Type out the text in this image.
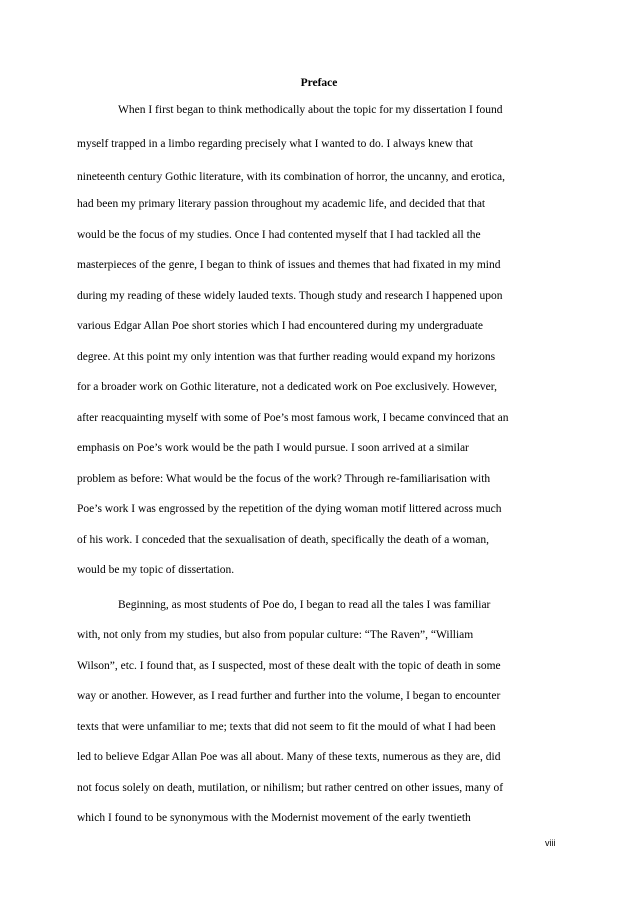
Preface
When I first began to think methodically about the topic for my dissertation I found
myself trapped in a limbo regarding precisely what I wanted to do. I always knew that
nineteenth century Gothic literature, with its combination of horror, the uncanny, and erotica,
had been my primary literary passion throughout my academic life, and decided that that
would be the focus of my studies. Once I had contented myself that I had tackled all the
masterpieces of the genre, I began to think of issues and themes that had fixated in my mind
during my reading of these widely lauded texts. Though study and research I happened upon
various Edgar Allan Poe short stories which I had encountered during my undergraduate
degree. At this point my only intention was that further reading would expand my horizons
for a broader work on Gothic literature, not a dedicated work on Poe exclusively. However,
after reacquainting myself with some of Poe’s most famous work, I became convinced that an
emphasis on Poe’s work would be the path I would pursue. I soon arrived at a similar
problem as before: What would be the focus of the work? Through re-familiarisation with
Poe’s work I was engrossed by the repetition of the dying woman motif littered across much
of his work. I conceded that the sexualisation of death, specifically the death of a woman,
would be my topic of dissertation.
Beginning, as most students of Poe do, I began to read all the tales I was familiar
with, not only from my studies, but also from popular culture: “The Raven”, “William
Wilson”, etc. I found that, as I suspected, most of these dealt with the topic of death in some
way or another. However, as I read further and further into the volume, I began to encounter
texts that were unfamiliar to me; texts that did not seem to fit the mould of what I had been
led to believe Edgar Allan Poe was all about. Many of these texts, numerous as they are, did
not focus solely on death, mutilation, or nihilism; but rather centred on other issues, many of
which I found to be synonymous with the Modernist movement of the early twentieth
viii
